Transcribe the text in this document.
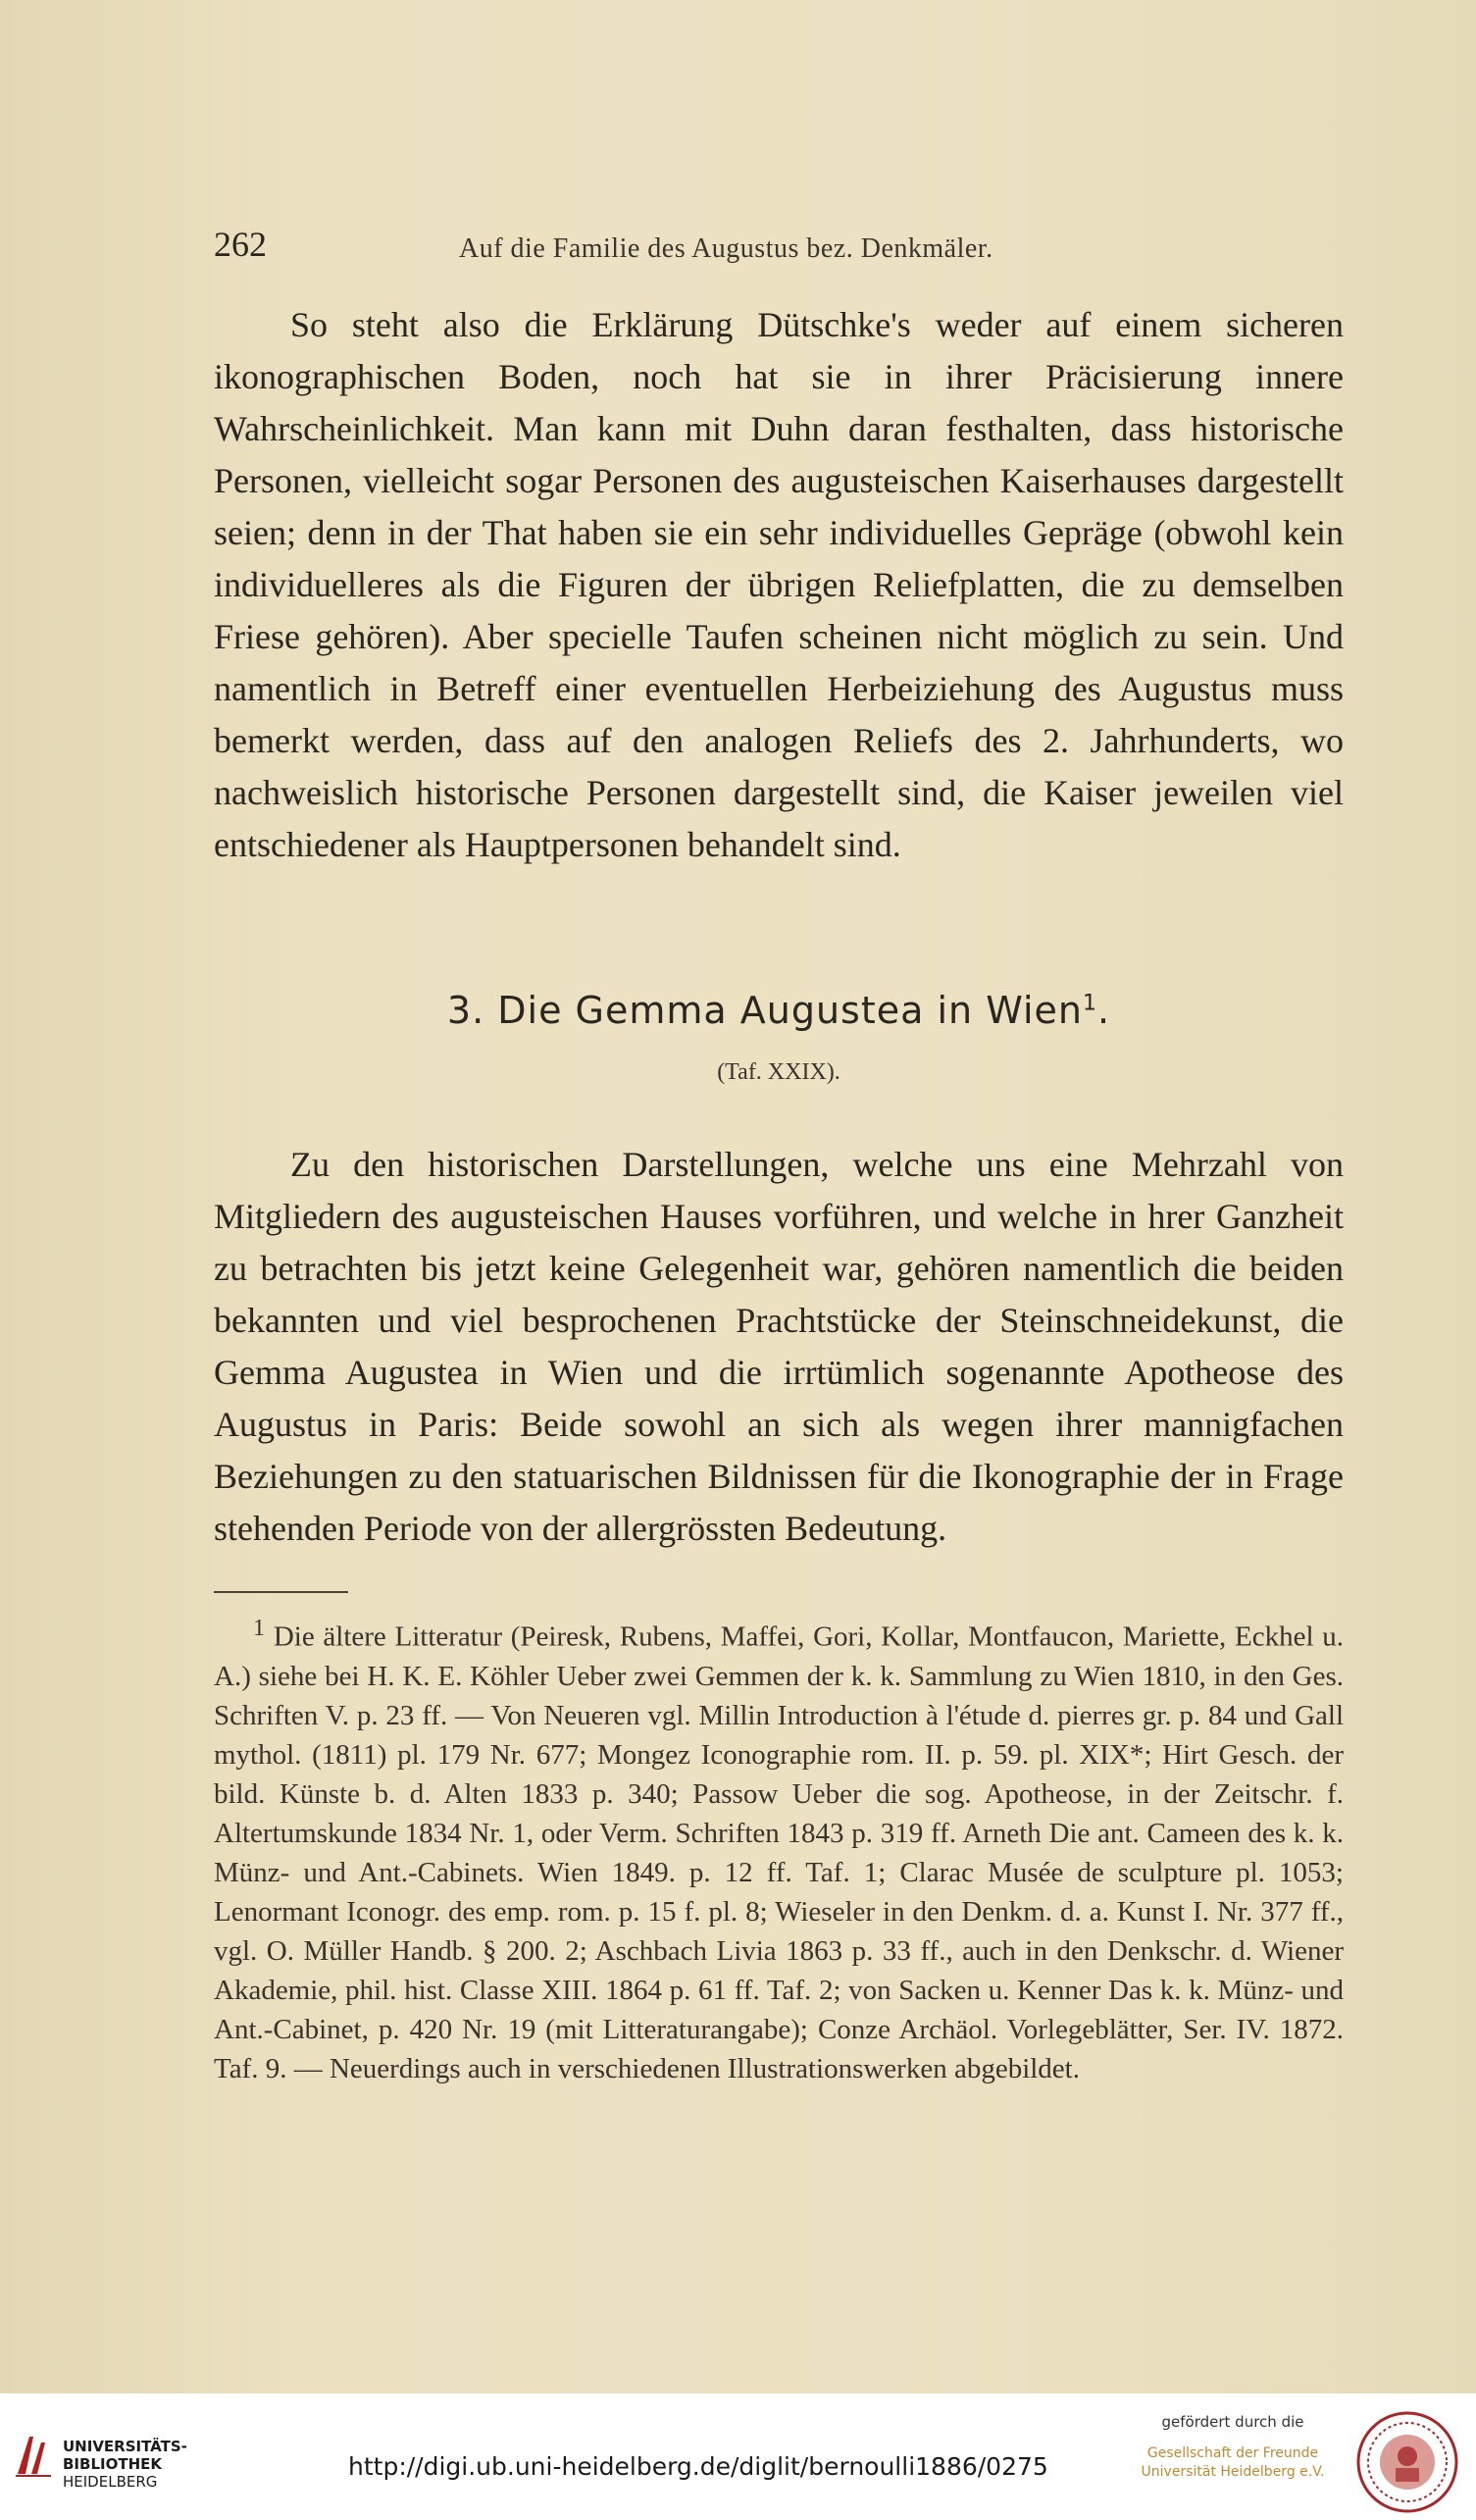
262	Auf die Familie des Augustus bez. Denkmäler.

So steht also die Erklärung Dütschke's weder auf einem sicheren ikonographischen Boden, noch hat sie in ihrer Präcisierung innere Wahrscheinlichkeit. Man kann mit Duhn daran festhalten, dass historische Personen, vielleicht sogar Personen des augusteischen Kaiserhauses dargestellt seien; denn in der That haben sie ein sehr individuelles Gepräge (obwohl kein individuelleres als die Figuren der übrigen Reliefplatten, die zu demselben Friese gehören). Aber specielle Taufen scheinen nicht möglich zu sein. Und namentlich in Betreff einer eventuellen Herbeiziehung des Augustus muss bemerkt werden, dass auf den analogen Reliefs des 2. Jahrhunderts, wo nachweislich historische Personen dargestellt sind, die Kaiser jeweilen viel entschiedener als Hauptpersonen behandelt sind.

3. Die Gemma Augustea in Wien$^1$.
(Taf. XXIX).

Zu den historischen Darstellungen, welche uns eine Mehrzahl von Mitgliedern des augusteischen Hauses vorführen, und welche in hrer Ganzheit zu betrachten bis jetzt keine Gelegenheit war, gehören namentlich die beiden bekannten und viel besprochenen Prachtstücke der Steinschneidekunst, die Gemma Augustea in Wien und die irrtümlich sogenannte Apotheose des Augustus in Paris: Beide sowohl an sich als wegen ihrer mannigfachen Beziehungen zu den statuarischen Bildnissen für die Ikonographie der in Frage stehenden Periode von der allergrössten Bedeutung.

$^1$ Die ältere Litteratur (Peiresk, Rubens, Maffei, Gori, Kollar, Montfaucon, Mariette, Eckhel u. A.) siehe bei H. K. E. Köhler Ueber zwei Gemmen der k. k. Sammlung zu Wien 1810, in den Ges. Schriften V. p. 23 ff. — Von Neueren vgl. Millin Introduction à l'étude d. pierres gr. p. 84 und Gall mythol. (1811) pl. 179 Nr. 677; Mongez Iconographie rom. II. p. 59. pl. XIX*; Hirt Gesch. der bild. Künste b. d. Alten 1833 p. 340; Passow Ueber die sog. Apotheose, in der Zeitschr. f. Altertumskunde 1834 Nr. 1, oder Verm. Schriften 1843 p. 319 ff. Arneth Die ant. Cameen des k. k. Münz- und Ant.-Cabinets. Wien 1849. p. 12 ff. Taf. 1; Clarac Musée de sculpture pl. 1053; Lenormant Iconogr. des emp. rom. p. 15 f. pl. 8; Wieseler in den Denkm. d. a. Kunst I. Nr. 377 ff., vgl. O. Müller Handb. § 200. 2; Aschbach Livia 1863 p. 33 ff., auch in den Denkschr. d. Wiener Akademie, phil. hist. Classe XIII. 1864 p. 61 ff. Taf. 2; von Sacken u. Kenner Das k. k. Münz- und Ant.-Cabinet, p. 420 Nr. 19 (mit Litteraturangabe); Conze Archäol. Vorlegeblätter, Ser. IV. 1872. Taf. 9. — Neuerdings auch in verschiedenen Illustrationswerken abgebildet.

UNIVERSITÄTS-
BIBLIOTHEK
HEIDELBERG
http://digi.ub.uni-heidelberg.de/diglit/bernoulli1886/0275
gefördert durch die
Gesellschaft der Freunde
Universität Heidelberg e.V.
